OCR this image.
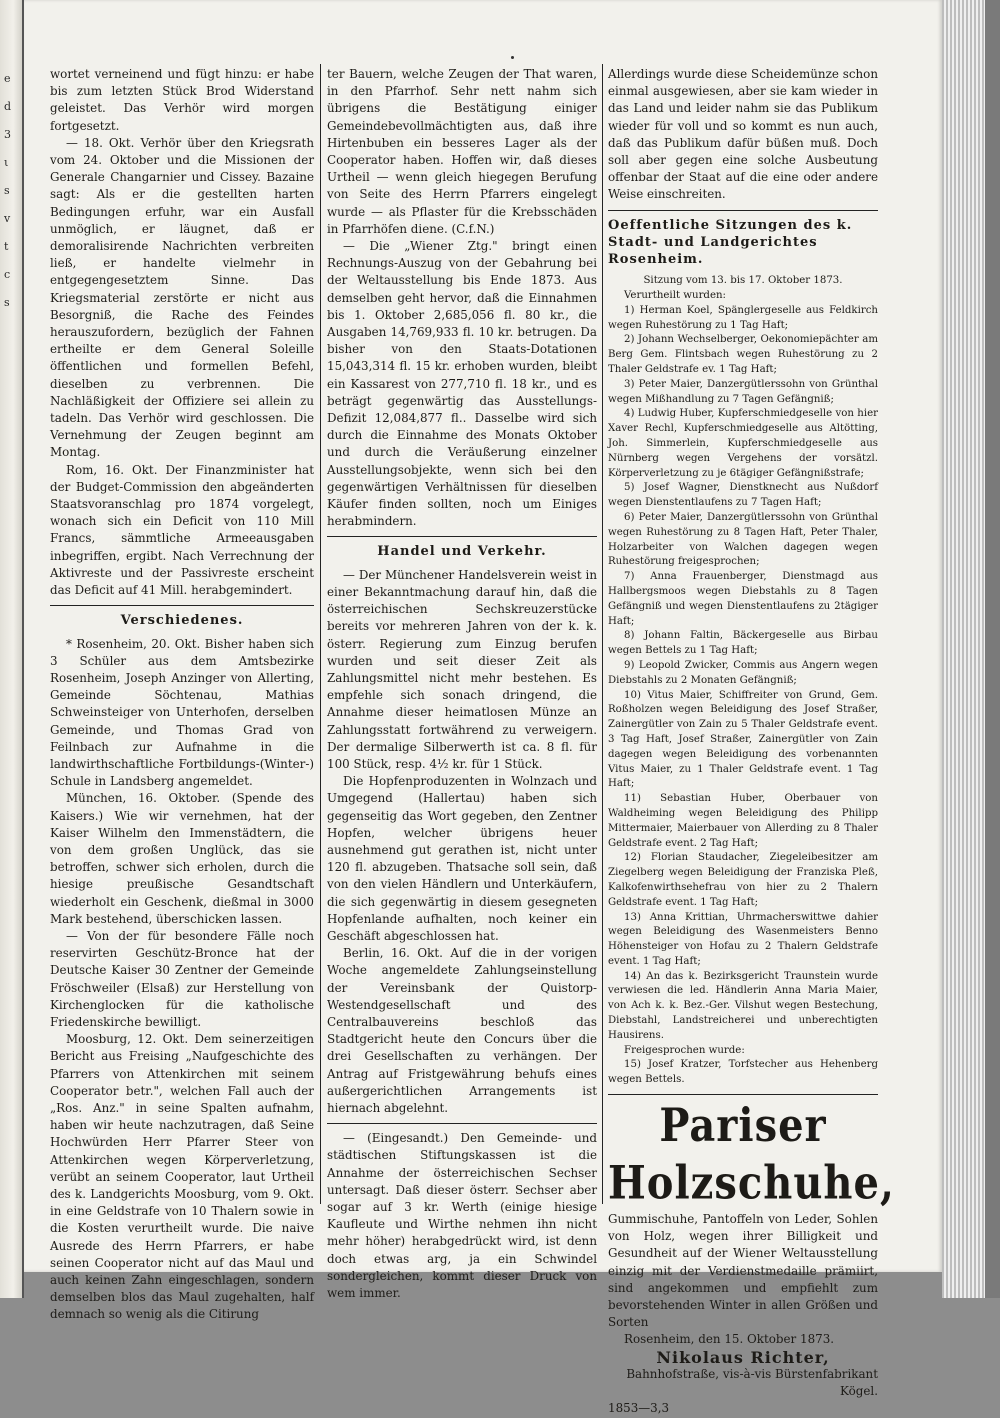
e
d
3
ι
s
v
t
c
s

wortet verneinend und fügt hinzu: er habe bis zum letzten Stück Brod Widerstand geleistet. Das Verhör wird morgen fortgesetzt.

— 18. Okt. Verhör über den Kriegsrath vom 24. Oktober und die Missionen der Generale Changarnier und Cissey. Bazaine sagt: Als er die gestellten harten Bedingungen erfuhr, war ein Ausfall unmöglich, er läugnet, daß er demoralisirende Nachrichten verbreiten ließ, er handelte vielmehr in entgegengesetztem Sinne. Das Kriegsmaterial zerstörte er nicht aus Besorgniß, die Rache des Feindes herauszufordern, bezüglich der Fahnen ertheilte er dem General Soleille öffentlichen und formellen Befehl, dieselben zu verbrennen. Die Nachläßigkeit der Offiziere sei allein zu tadeln. Das Verhör wird geschlossen. Die Vernehmung der Zeugen beginnt am Montag.

Rom, 16. Okt. Der Finanzminister hat der Budget-Commission den abgeänderten Staatsvoranschlag pro 1874 vorgelegt, wonach sich ein Deficit von 110 Mill Francs, sämmtliche Armeeausgaben inbegriffen, ergibt. Nach Verrechnung der Aktivreste und der Passivreste erscheint das Deficit auf 41 Mill. herabgemindert.

Verschiedenes.

* Rosenheim, 20. Okt. Bisher haben sich 3 Schüler aus dem Amtsbezirke Rosenheim, Joseph Anzinger von Allerting, Gemeinde Söchtenau, Mathias Schweinsteiger von Unterhofen, derselben Gemeinde, und Thomas Grad von Feilnbach zur Aufnahme in die landwirthschaftliche Fortbildungs-(Winter-) Schule in Landsberg angemeldet.

München, 16. Oktober. (Spende des Kaisers.) Wie wir vernehmen, hat der Kaiser Wilhelm den Immenstädtern, die von dem großen Unglück, das sie betroffen, schwer sich erholen, durch die hiesige preußische Gesandtschaft wiederholt ein Geschenk, dießmal in 3000 Mark bestehend, überschicken lassen.

— Von der für besondere Fälle noch reservirten Geschütz-Bronce hat der Deutsche Kaiser 30 Zentner der Gemeinde Fröschweiler (Elsaß) zur Herstellung von Kirchenglocken für die katholische Friedenskirche bewilligt.

Moosburg, 12. Okt. Dem seinerzeitigen Bericht aus Freising „Naufgeschichte des Pfarrers von Attenkirchen mit seinem Cooperator betr.", welchen Fall auch der „Ros. Anz." in seine Spalten aufnahm, haben wir heute nachzutragen, daß Seine Hochwürden Herr Pfarrer Steer von Attenkirchen wegen Körperverletzung, verübt an seinem Cooperator, laut Urtheil des k. Landgerichts Moosburg, vom 9. Okt. in eine Geldstrafe von 10 Thalern sowie in die Kosten verurtheilt wurde. Die naive Ausrede des Herrn Pfarrers, er habe seinen Cooperator nicht auf das Maul und auch keinen Zahn eingeschlagen, sondern demselben blos das Maul zugehalten, half demnach so wenig als die Citirung

ter Bauern, welche Zeugen der That waren, in den Pfarrhof. Sehr nett nahm sich übrigens die Bestätigung einiger Gemeindebevollmächtigten aus, daß ihre Hirtenbuben ein besseres Lager als der Cooperator haben. Hoffen wir, daß dieses Urtheil — wenn gleich hiegegen Berufung von Seite des Herrn Pfarrers eingelegt wurde — als Pflaster für die Krebsschäden in Pfarrhöfen diene. (C.f.N.)

— Die „Wiener Ztg." bringt einen Rechnungs-Auszug von der Gebahrung bei der Weltausstellung bis Ende 1873. Aus demselben geht hervor, daß die Einnahmen bis 1. Oktober 2,685,056 fl. 80 kr., die Ausgaben 14,769,933 fl. 10 kr. betrugen. Da bisher von den Staats-Dotationen 15,043,314 fl. 15 kr. erhoben wurden, bleibt ein Kassarest von 277,710 fl. 18 kr., und es beträgt gegenwärtig das Ausstellungs-Defizit 12,084,877 fl.. Dasselbe wird sich durch die Einnahme des Monats Oktober und durch die Veräußerung einzelner Ausstellungsobjekte, wenn sich bei den gegenwärtigen Verhältnissen für dieselben Käufer finden sollten, noch um Einiges herabmindern.

Handel und Verkehr.

— Der Münchener Handelsverein weist in einer Bekanntmachung darauf hin, daß die österreichischen Sechskreuzerstücke bereits vor mehreren Jahren von der k. k. österr. Regierung zum Einzug berufen wurden und seit dieser Zeit als Zahlungsmittel nicht mehr bestehen. Es empfehle sich sonach dringend, die Annahme dieser heimatlosen Münze an Zahlungsstatt fortwährend zu verweigern. Der dermalige Silberwerth ist ca. 8 fl. für 100 Stück, resp. 4½ kr. für 1 Stück.

Die Hopfenproduzenten in Wolnzach und Umgegend (Hallertau) haben sich gegenseitig das Wort gegeben, den Zentner Hopfen, welcher übrigens heuer ausnehmend gut gerathen ist, nicht unter 120 fl. abzugeben. Thatsache soll sein, daß von den vielen Händlern und Unterkäufern, die sich gegenwärtig in diesem gesegneten Hopfenlande aufhalten, noch keiner ein Geschäft abgeschlossen hat.

Berlin, 16. Okt. Auf die in der vorigen Woche angemeldete Zahlungseinstellung der Vereinsbank der Quistorp-Westendgesellschaft und des Centralbauvereins beschloß das Stadtgericht heute den Concurs über die drei Gesellschaften zu verhängen. Der Antrag auf Fristgewährung behufs eines außergerichtlichen Arrangements ist hiernach abgelehnt.

— (Eingesandt.) Den Gemeinde- und städtischen Stiftungskassen ist die Annahme der österreichischen Sechser untersagt. Daß dieser österr. Sechser aber sogar auf 3 kr. Werth (einige hiesige Kaufleute und Wirthe nehmen ihn nicht mehr höher) herabgedrückt wird, ist denn doch etwas arg, ja ein Schwindel sondergleichen, kommt dieser Druck von wem immer.

Allerdings wurde diese Scheidemünze schon einmal ausgewiesen, aber sie kam wieder in das Land und leider nahm sie das Publikum wieder für voll und so kommt es nun auch, daß das Publikum dafür büßen muß. Doch soll aber gegen eine solche Ausbeutung offenbar der Staat auf die eine oder andere Weise einschreiten.

Oeffentliche Sitzungen des k. Stadt- und Landgerichtes Rosenheim.

Sitzung vom 13. bis 17. Oktober 1873.

Verurtheilt wurden:

1) Herman Koel, Spänglergeselle aus Feldkirch wegen Ruhestörung zu 1 Tag Haft;

2) Johann Wechselberger, Oekonomiepächter am Berg Gem. Flintsbach wegen Ruhestörung zu 2 Thaler Geldstrafe ev. 1 Tag Haft;

3) Peter Maier, Danzergütlerssohn von Grünthal wegen Mißhandlung zu 7 Tagen Gefängniß;

4) Ludwig Huber, Kupferschmiedgeselle von hier Xaver Rechl, Kupferschmiedgeselle aus Altötting, Joh. Simmerlein, Kupferschmiedgeselle aus Nürnberg wegen Vergehens der vorsätzl. Körperverletzung zu je 6tägiger Gefängnißstrafe;

5) Josef Wagner, Dienstknecht aus Nußdorf wegen Dienstentlaufens zu 7 Tagen Haft;

6) Peter Maier, Danzergütlerssohn von Grünthal wegen Ruhestörung zu 8 Tagen Haft, Peter Thaler, Holzarbeiter von Walchen dagegen wegen Ruhestörung freigesprochen;

7) Anna Frauenberger, Dienstmagd aus Hallbergsmoos wegen Diebstahls zu 8 Tagen Gefängniß und wegen Dienstentlaufens zu 2tägiger Haft;

8) Johann Faltin, Bäckergeselle aus Birbau wegen Bettels zu 1 Tag Haft;

9) Leopold Zwicker, Commis aus Angern wegen Diebstahls zu 2 Monaten Gefängniß;

10) Vitus Maier, Schiffreiter von Grund, Gem. Roßholzen wegen Beleidigung des Josef Straßer, Zainergütler von Zain zu 5 Thaler Geldstrafe event. 3 Tag Haft, Josef Straßer, Zainergütler von Zain dagegen wegen Beleidigung des vorbenannten Vitus Maier, zu 1 Thaler Geldstrafe event. 1 Tag Haft;

11) Sebastian Huber, Oberbauer von Waldheiming wegen Beleidigung des Philipp Mittermaier, Maierbauer von Allerding zu 8 Thaler Geldstrafe event. 2 Tag Haft;

12) Florian Staudacher, Ziegeleibesitzer am Ziegelberg wegen Beleidigung der Franziska Pleß, Kalkofenwirthsehefrau von hier zu 2 Thalern Geldstrafe event. 1 Tag Haft;

13) Anna Krittian, Uhrmacherswittwe dahier wegen Beleidigung des Wasenmeisters Benno Höhensteiger von Hofau zu 2 Thalern Geldstrafe event. 1 Tag Haft;

14) An das k. Bezirksgericht Traunstein wurde verwiesen die led. Händlerin Anna Maria Maier, von Ach k. k. Bez.-Ger. Vilshut wegen Bestechung, Diebstahl, Landstreicherei und unberechtigten Hausirens.

Freigesprochen wurde:

15) Josef Kratzer, Torfstecher aus Hehenberg wegen Bettels.

Pariser Holzschuhe,

Gummischuhe, Pantoffeln von Leder, Sohlen von Holz, wegen ihrer Billigkeit und Gesundheit auf der Wiener Weltausstellung einzig mit der Verdienstmedaille prämiirt, sind angekommen und empfiehlt zum bevorstehenden Winter in allen Größen und Sorten

Rosenheim, den 15. Oktober 1873.

Nikolaus Richter,

Bahnhofstraße, vis-à-vis Bürstenfabrikant Kögel.

1853—3,3
